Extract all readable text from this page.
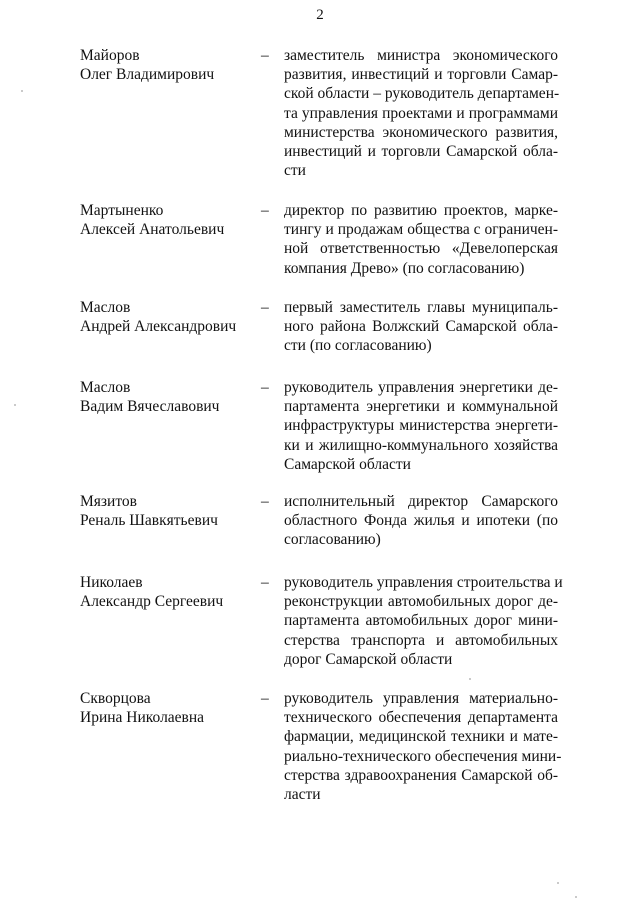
2
Майоров
Олег Владимирович
– заместитель министра экономического
развития, инвестиций и торговли Самар-
ской области – руководитель департамен-
та управления проектами и программами
министерства экономического развития,
инвестиций и торговли Самарской обла-
сти
Мартыненко
Алексей Анатольевич
– директор по развитию проектов, марке-
тингу и продажам общества с ограничен-
ной ответственностью «Девелоперская
компания Древо» (по согласованию)
Маслов
Андрей Александрович
– первый заместитель главы муниципаль-
ного района Волжский Самарской обла-
сти (по согласованию)
Маслов
Вадим Вячеславович
– руководитель управления энергетики де-
партамента энергетики и коммунальной
инфраструктуры министерства энергети-
ки и жилищно-коммунального хозяйства
Самарской области
Мязитов
Реналь Шавкятьевич
– исполнительный директор Самарского
областного Фонда жилья и ипотеки (по
согласованию)
Николаев
Александр Сергеевич
– руководитель управления строительства и
реконструкции автомобильных дорог де-
партамента автомобильных дорог мини-
стерства транспорта и автомобильных
дорог Самарской области
Скворцова
Ирина Николаевна
– руководитель управления материально-
технического обеспечения департамента
фармации, медицинской техники и мате-
риально-технического обеспечения мини-
стерства здравоохранения Самарской об-
ласти
